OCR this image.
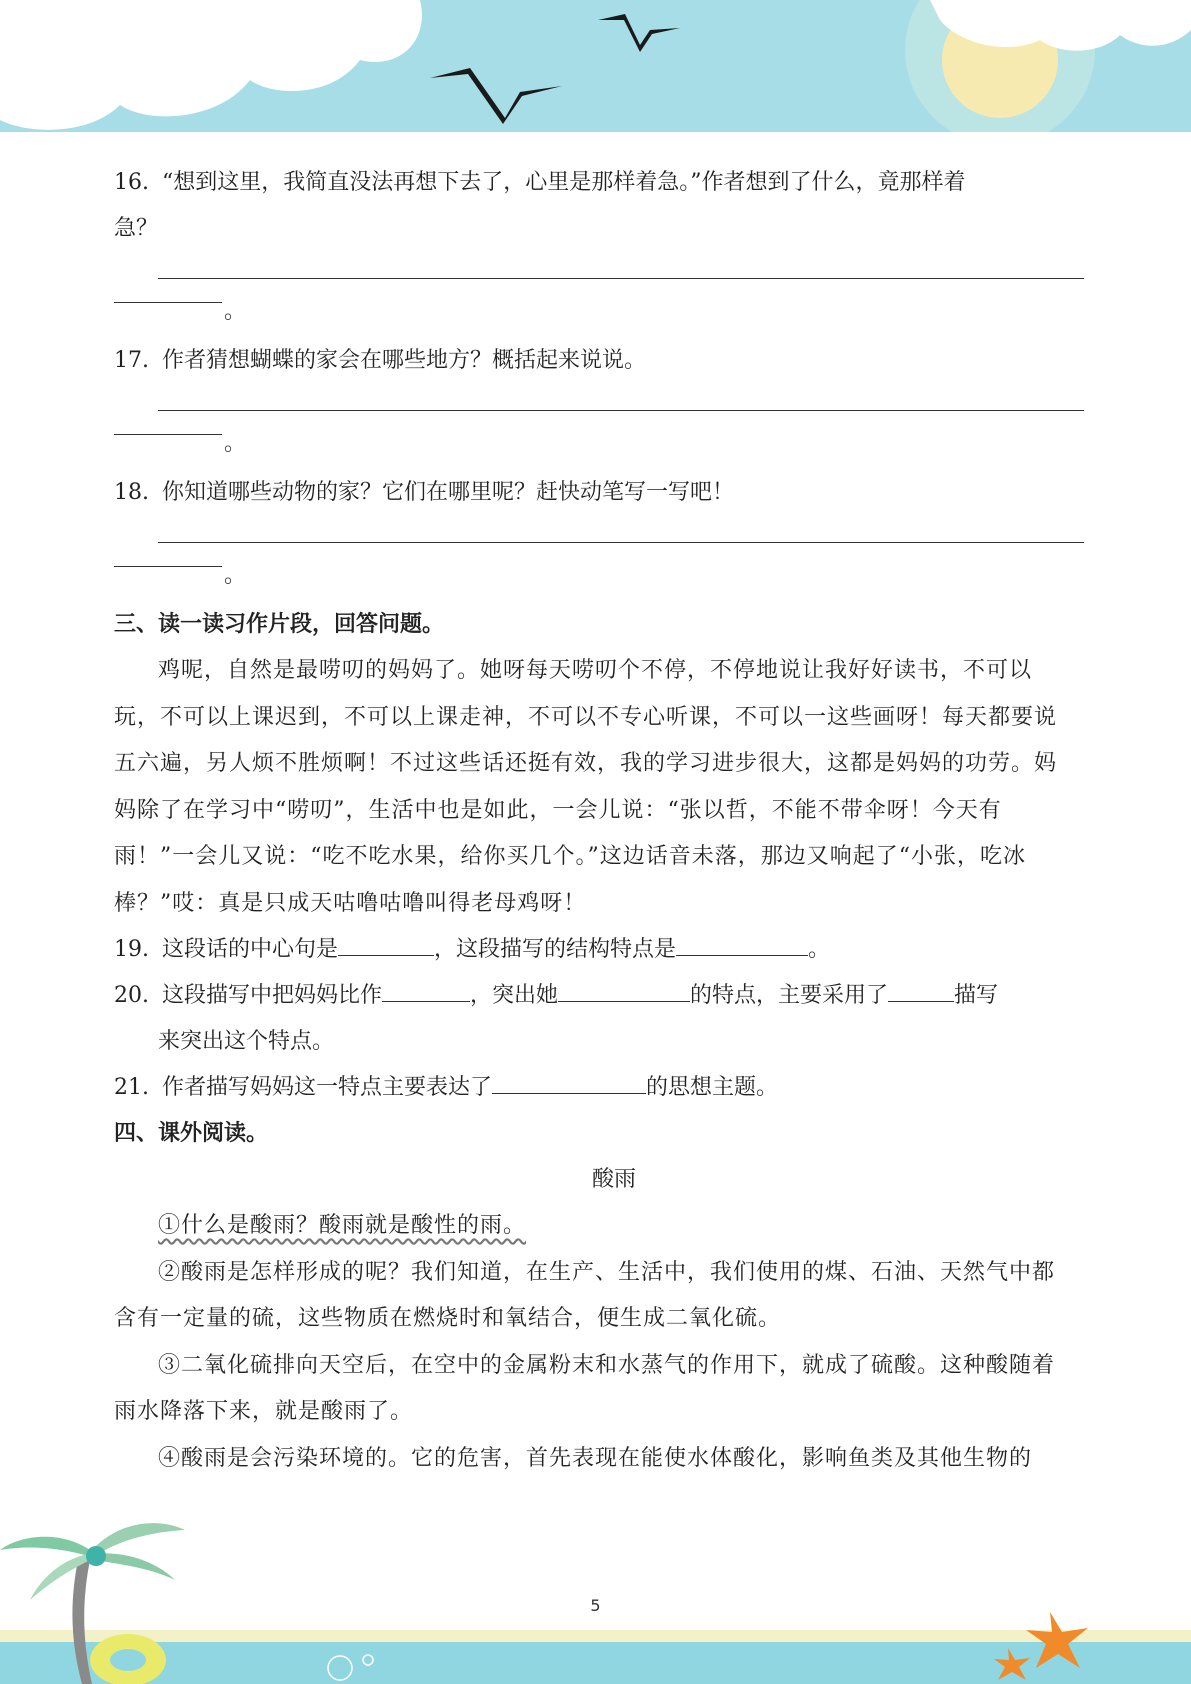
16. “想到这里，我简直没法再想下去了，心里是那样着急。”作者想到了什么，竟那样着
急？
。
17. 作者猜想蝴蝶的家会在哪些地方？概括起来说说。
。
18. 你知道哪些动物的家？它们在哪里呢？赶快动笔写一写吧！
。
三、读一读习作片段，回答问题。
鸡呢，自然是最唠叨的妈妈了。她呀每天唠叨个不停，不停地说让我好好读书，不可以玩，不可以上课迟到，不可以上课走神，不可以不专心听课，不可以一这些画呀！每天都要说五六遍，另人烦不胜烦啊！不过这些话还挺有效，我的学习进步很大，这都是妈妈的功劳。妈妈除了在学习中“唠叨”，生活中也是如此，一会儿说：“张以哲，不能不带伞呀！今天有雨！”一会儿又说：“吃不吃水果，给你买几个。”这边话音未落，那边又响起了“小张，吃冰棒？”哎：真是只成天咕噜咕噜叫得老母鸡呀！
19. 这段话的中心句是	，这段描写的结构特点是	。
20. 这段描写中把妈妈比作	，突出她	的特点，主要采用了	描写
来突出这个特点。
21. 作者描写妈妈这一特点主要表达了	的思想主题。
四、课外阅读。
酸雨
①什么是酸雨？酸雨就是酸性的雨。
②酸雨是怎样形成的呢？我们知道，在生产、生活中，我们使用的煤、石油、天然气中都含有一定量的硫，这些物质在燃烧时和氧结合，便生成二氧化硫。
③二氧化硫排向天空后，在空中的金属粉末和水蒸气的作用下，就成了硫酸。这种酸随着雨水降落下来，就是酸雨了。
④酸雨是会污染环境的。它的危害，首先表现在能使水体酸化，影响鱼类及其他生物的
5
